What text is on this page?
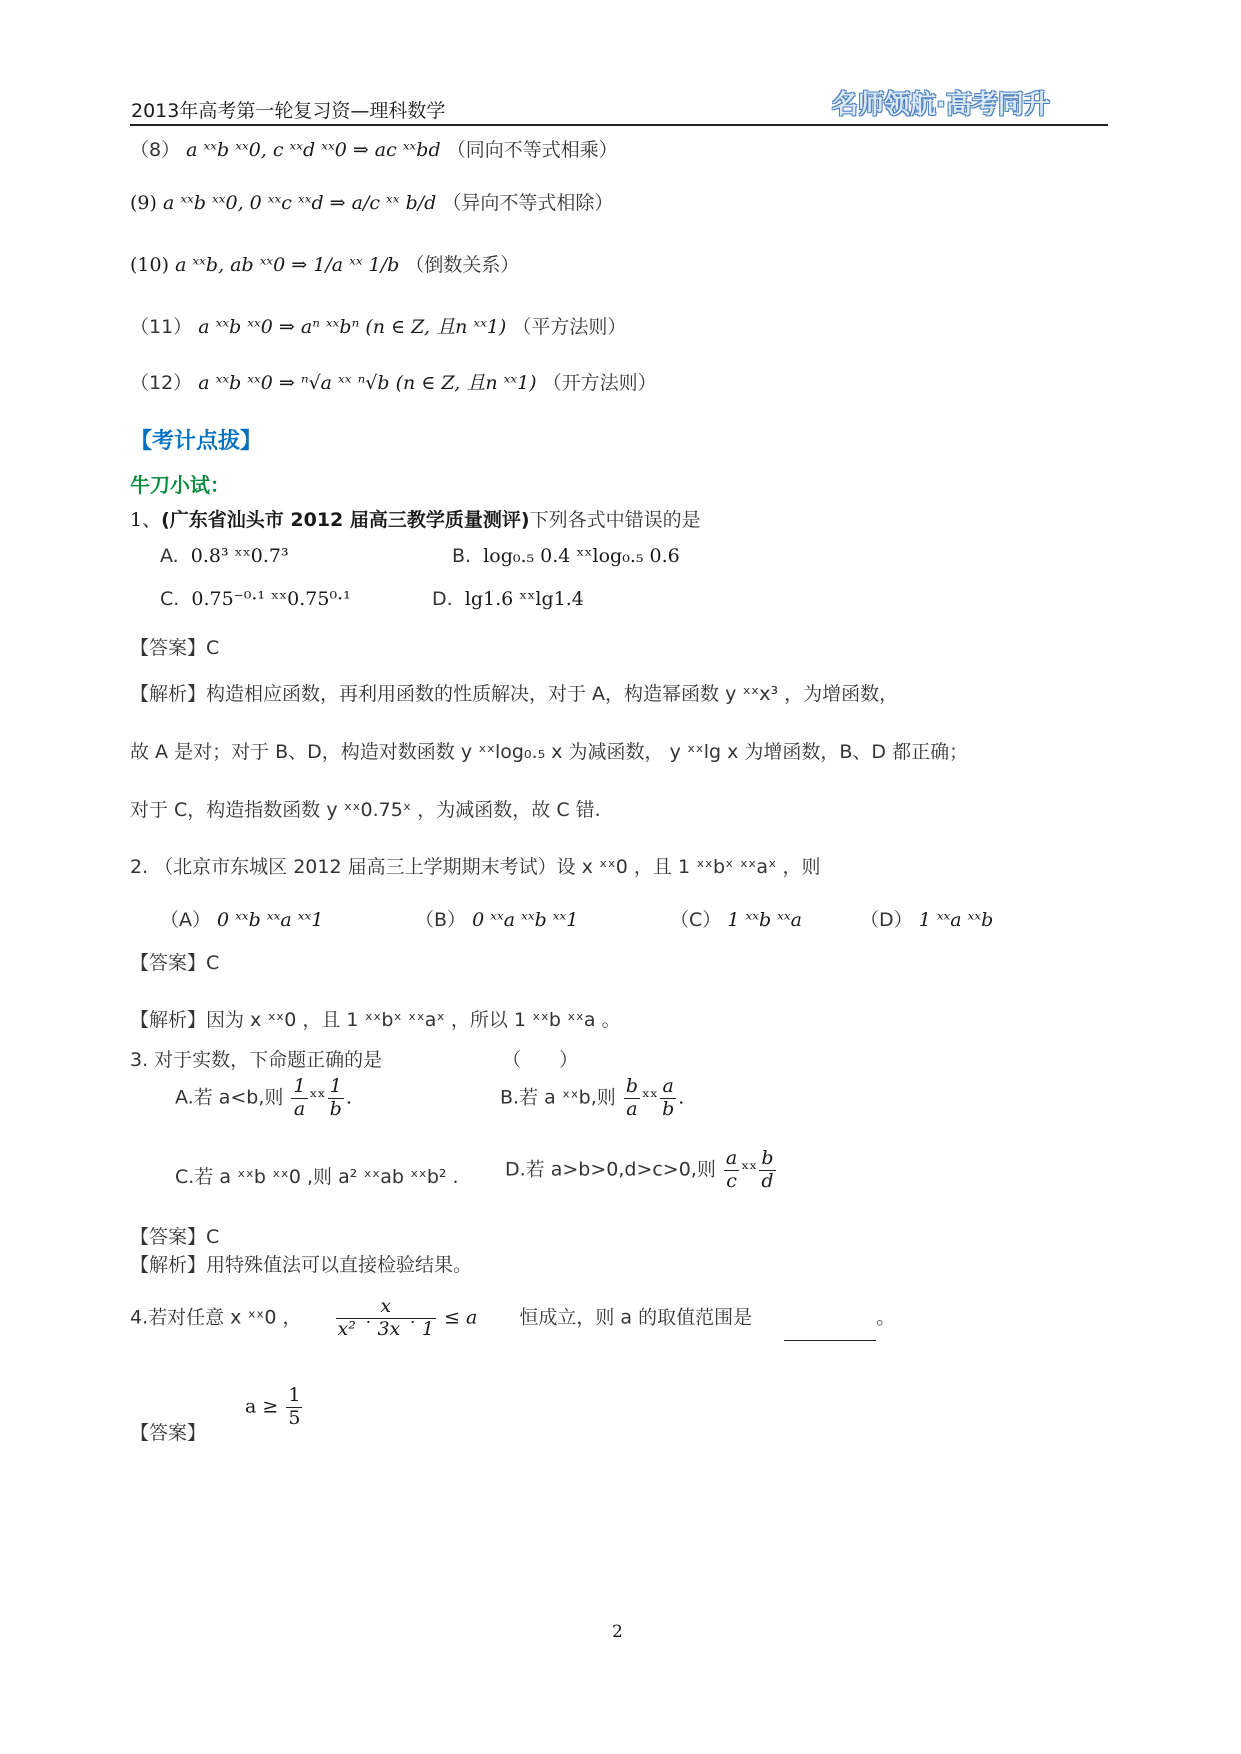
2013年高考第一轮复习资—理科数学	名师领航·高考同升
（8） a ˣˣb ˣˣ0, c ˣˣd ˣˣ0 ⇒ ac ˣˣbd （同向不等式相乘）
(9) a ˣˣb ˣˣ0, 0 ˣˣc ˣˣd ⇒ a/c ˣˣ b/d （异向不等式相除）
(10) a ˣˣb, ab ˣˣ0 ⇒ 1/a ˣˣ 1/b （倒数关系）
（11） a ˣˣb ˣˣ0 ⇒ aⁿ ˣˣbⁿ (n ∈ Z, 且n ˣˣ1) （平方法则）
（12） a ˣˣb ˣˣ0 ⇒ ⁿ√a ˣˣ ⁿ√b (n ∈ Z, 且n ˣˣ1) （开方法则）
【考计点拔】
牛刀小试：
1、(广东省汕头市 2012 届高三教学质量测评)下列各式中错误的是
A. 0.8³ ˣˣ0.7³	B. log₀.₅ 0.4 ˣˣlog₀.₅ 0.6
C. 0.75⁻⁰·¹ ˣˣ0.75⁰·¹	D. lg1.6 ˣˣlg1.4
【答案】C
【解析】构造相应函数，再利用函数的性质解决，对于 A，构造幂函数 y ˣˣx³ ，为增函数，
故 A 是对；对于 B、D，构造对数函数 y ˣˣlog₀.₅ x 为减函数， y ˣˣlg x 为增函数，B、D 都正确；
对于 C，构造指数函数 y ˣˣ0.75ˣ ，为减函数，故 C 错.
2. （北京市东城区 2012 届高三上学期期末考试）设 x ˣˣ0 ，且 1 ˣˣbˣ ˣˣaˣ ，则
（A） 0 ˣˣb ˣˣa ˣˣ1	（B） 0 ˣˣa ˣˣb ˣˣ1	（C） 1 ˣˣb ˣˣa	（D） 1 ˣˣa ˣˣb
【答案】C
【解析】因为 x ˣˣ0 ，且 1 ˣˣbˣ ˣˣaˣ ，所以 1 ˣˣb ˣˣa 。
3. 对于实数，下命题正确的是	（　　）
A.若 a<b,则 $\frac{1}{a}$ ˣˣ $\frac{1}{b}$ .	B.若 a ˣˣb,则 $\frac{b}{a}$ ˣˣ $\frac{a}{b}$ .
C.若 a ˣˣb ˣˣ0 ,则 a² ˣˣab ˣˣb² . D.若 a>b>0,d>c>0,则 $\frac{a}{c}$ ˣˣ $\frac{b}{d}$
【答案】C
【解析】用特殊值法可以直接检验结果。
4.若对任意 x ˣˣ0 ， $\frac{x}{\text{x² ˙ 3x ˙ 1}} \le a$ 恒成立，则 a 的取值范围是	。
$a \ge \frac{1}{5}$
【答案】
2
